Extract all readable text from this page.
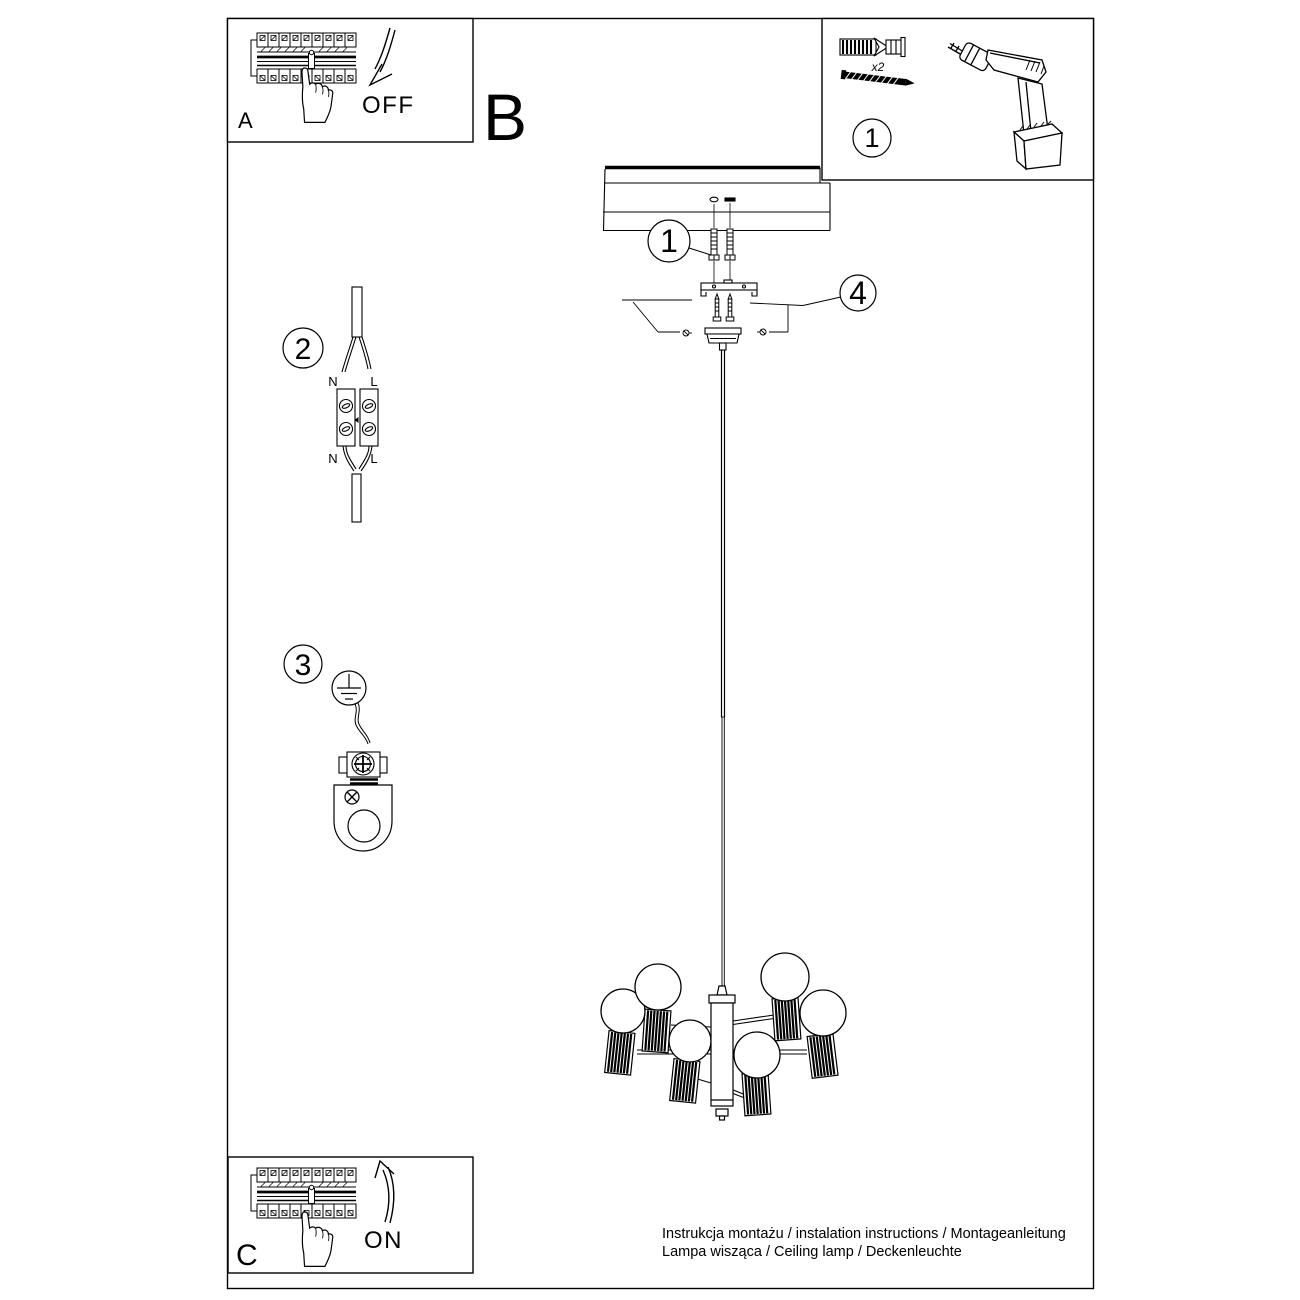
A
OFF B
x2
1
1
4
2
N	L
N	L
3
C	ON	Instrukcja montażu / instalation instructions / Montageanleitung
Lampa wisząca / Ceiling lamp / Deckenleuchte
